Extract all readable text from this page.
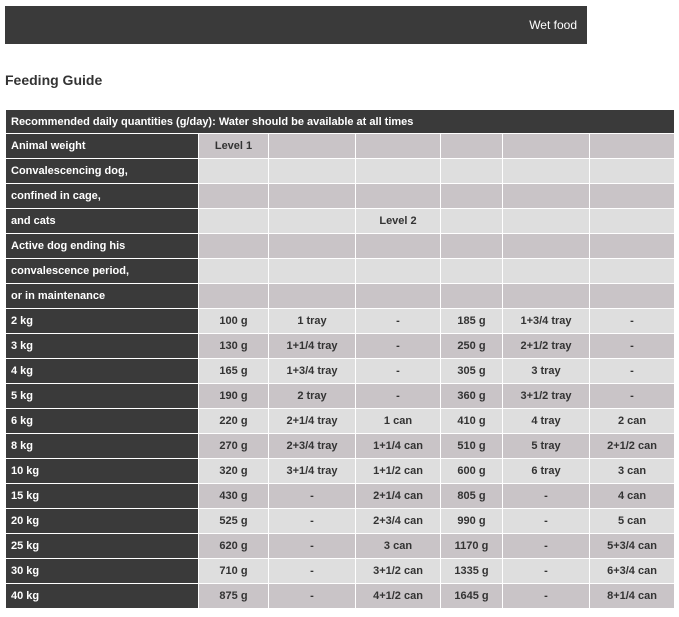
Wet food
Feeding Guide
Recommended daily quantities (g/day): Water should be available at all times						
Animal weight	Level 1					
Convalescencing dog,						
confined in cage,						
and cats			Level 2			
Active dog ending his						
convalescence period,						
or in maintenance						
2 kg	100 g	1 tray	-	185 g	1+3/4 tray	-
3 kg	130 g	1+1/4 tray	-	250 g	2+1/2 tray	-
4 kg	165 g	1+3/4 tray	-	305 g	3 tray	-
5 kg	190 g	2 tray	-	360 g	3+1/2 tray	-
6 kg	220 g	2+1/4 tray	1 can	410 g	4 tray	2 can
8 kg	270 g	2+3/4 tray	1+1/4 can	510 g	5 tray	2+1/2 can
10 kg	320 g	3+1/4 tray	1+1/2 can	600 g	6 tray	3 can
15 kg	430 g	-	2+1/4 can	805 g	-	4 can
20 kg	525 g	-	2+3/4 can	990 g	-	5 can
25 kg	620 g	-	3 can	1170 g	-	5+3/4 can
30 kg	710 g	-	3+1/2 can	1335 g	-	6+3/4 can
40 kg	875 g	-	4+1/2 can	1645 g	-	8+1/4 can
